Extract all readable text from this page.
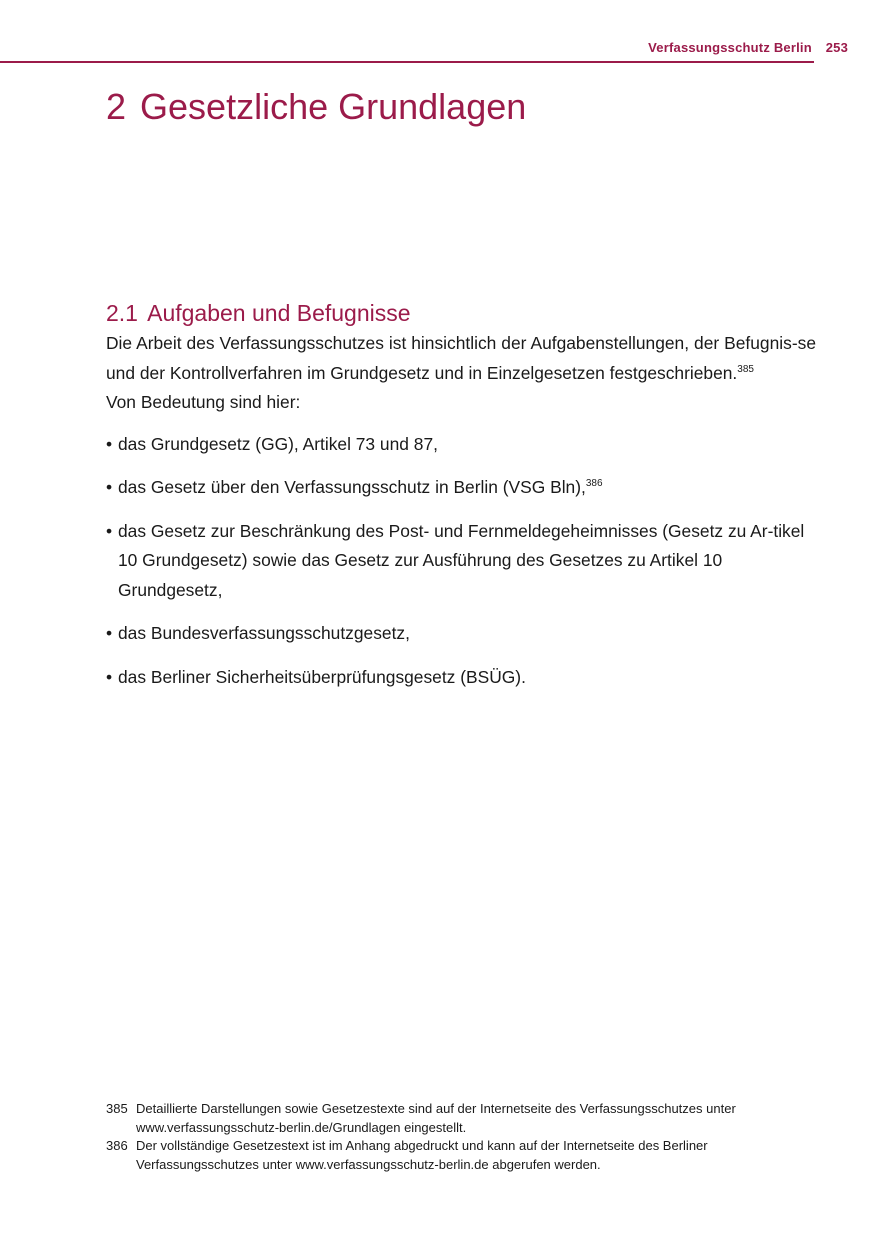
Verfassungsschutz Berlin 253
2 Gesetzliche Grundlagen
2.1 Aufgaben und Befugnisse

Die Arbeit des Verfassungsschutzes ist hinsichtlich der Aufgabenstellungen, der Befugnis-se und der Kontrollverfahren im Grundgesetz und in Einzelgesetzen festgeschrieben.$^{385}$
Von Bedeutung sind hier:

• das Grundgesetz (GG), Artikel 73 und 87,
• das Gesetz über den Verfassungsschutz in Berlin (VSG Bln),$^{386}$
• das Gesetz zur Beschränkung des Post- und Fernmeldegeheimnisses (Gesetz zu Ar-tikel 10 Grundgesetz) sowie das Gesetz zur Ausführung des Gesetzes zu Artikel 10 Grundgesetz,
• das Bundesverfassungsschutzgesetz,
• das Berliner Sicherheitsüberprüfungsgesetz (BSÜG).
385 Detaillierte Darstellungen sowie Gesetzestexte sind auf der Internetseite des Verfassungsschutzes unter www.verfassungsschutz-berlin.de/Grundlagen eingestellt.
386 Der vollständige Gesetzestext ist im Anhang abgedruckt und kann auf der Internetseite des Berliner Verfassungsschutzes unter www.verfassungsschutz-berlin.de abgerufen werden.
